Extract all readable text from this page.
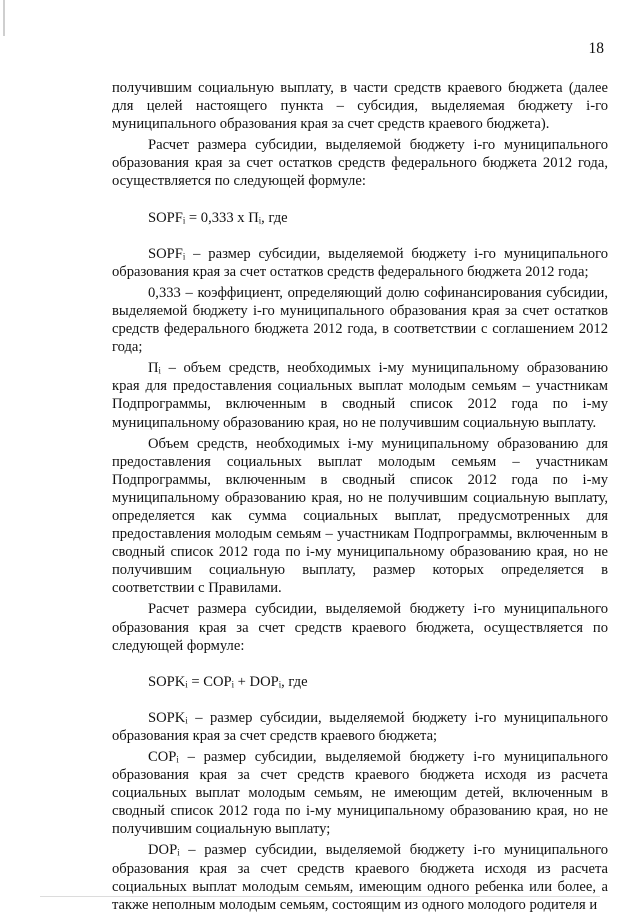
18

получившим социальную выплату, в части средств краевого бюджета (далее для целей настоящего пункта – субсидия, выделяемая бюджету i-го муниципального образования края за счет средств краевого бюджета).

Расчет размера субсидии, выделяемой бюджету i-го муниципального образования края за счет остатков средств федерального бюджета 2012 года, осуществляется по следующей формуле:

SOPFᵢ = 0,333 х Пᵢ, где

SOPFᵢ – размер субсидии, выделяемой бюджету i-го муниципального образования края за счет остатков средств федерального бюджета 2012 года;

0,333 – коэффициент, определяющий долю софинансирования субсидии, выделяемой бюджету i-го муниципального образования края за счет остатков средств федерального бюджета 2012 года, в соответствии с соглашением 2012 года;

Пᵢ – объем средств, необходимых i-му муниципальному образованию края для предоставления социальных выплат молодым семьям – участникам Подпрограммы, включенным в сводный список 2012 года по i-му муниципальному образованию края, но не получившим социальную выплату.

Объем средств, необходимых i-му муниципальному образованию для предоставления социальных выплат молодым семьям – участникам Подпрограммы, включенным в сводный список 2012 года по i-му муниципальному образованию края, но не получившим социальную выплату, определяется как сумма социальных выплат, предусмотренных для предоставления молодым семьям – участникам Подпрограммы, включенным в сводный список 2012 года по i-му муниципальному образованию края, но не получившим социальную выплату, размер которых определяется в соответствии с Правилами.

Расчет размера субсидии, выделяемой бюджету i-го муниципального образования края за счет средств краевого бюджета, осуществляется по следующей формуле:

SOPKᵢ = COPᵢ + DOPᵢ, где

SOPKᵢ – размер субсидии, выделяемой бюджету i-го муниципального образования края за счет средств краевого бюджета;

COPᵢ – размер субсидии, выделяемой бюджету i-го муниципального образования края за счет средств краевого бюджета исходя из расчета социальных выплат молодым семьям, не имеющим детей, включенным в сводный список 2012 года по i-му муниципальному образованию края, но не получившим социальную выплату;

DOPᵢ – размер субсидии, выделяемой бюджету i-го муниципального образования края за счет средств краевого бюджета исходя из расчета социальных выплат молодым семьям, имеющим одного ребенка или более, а также неполным молодым семьям, состоящим из одного молодого родителя и
